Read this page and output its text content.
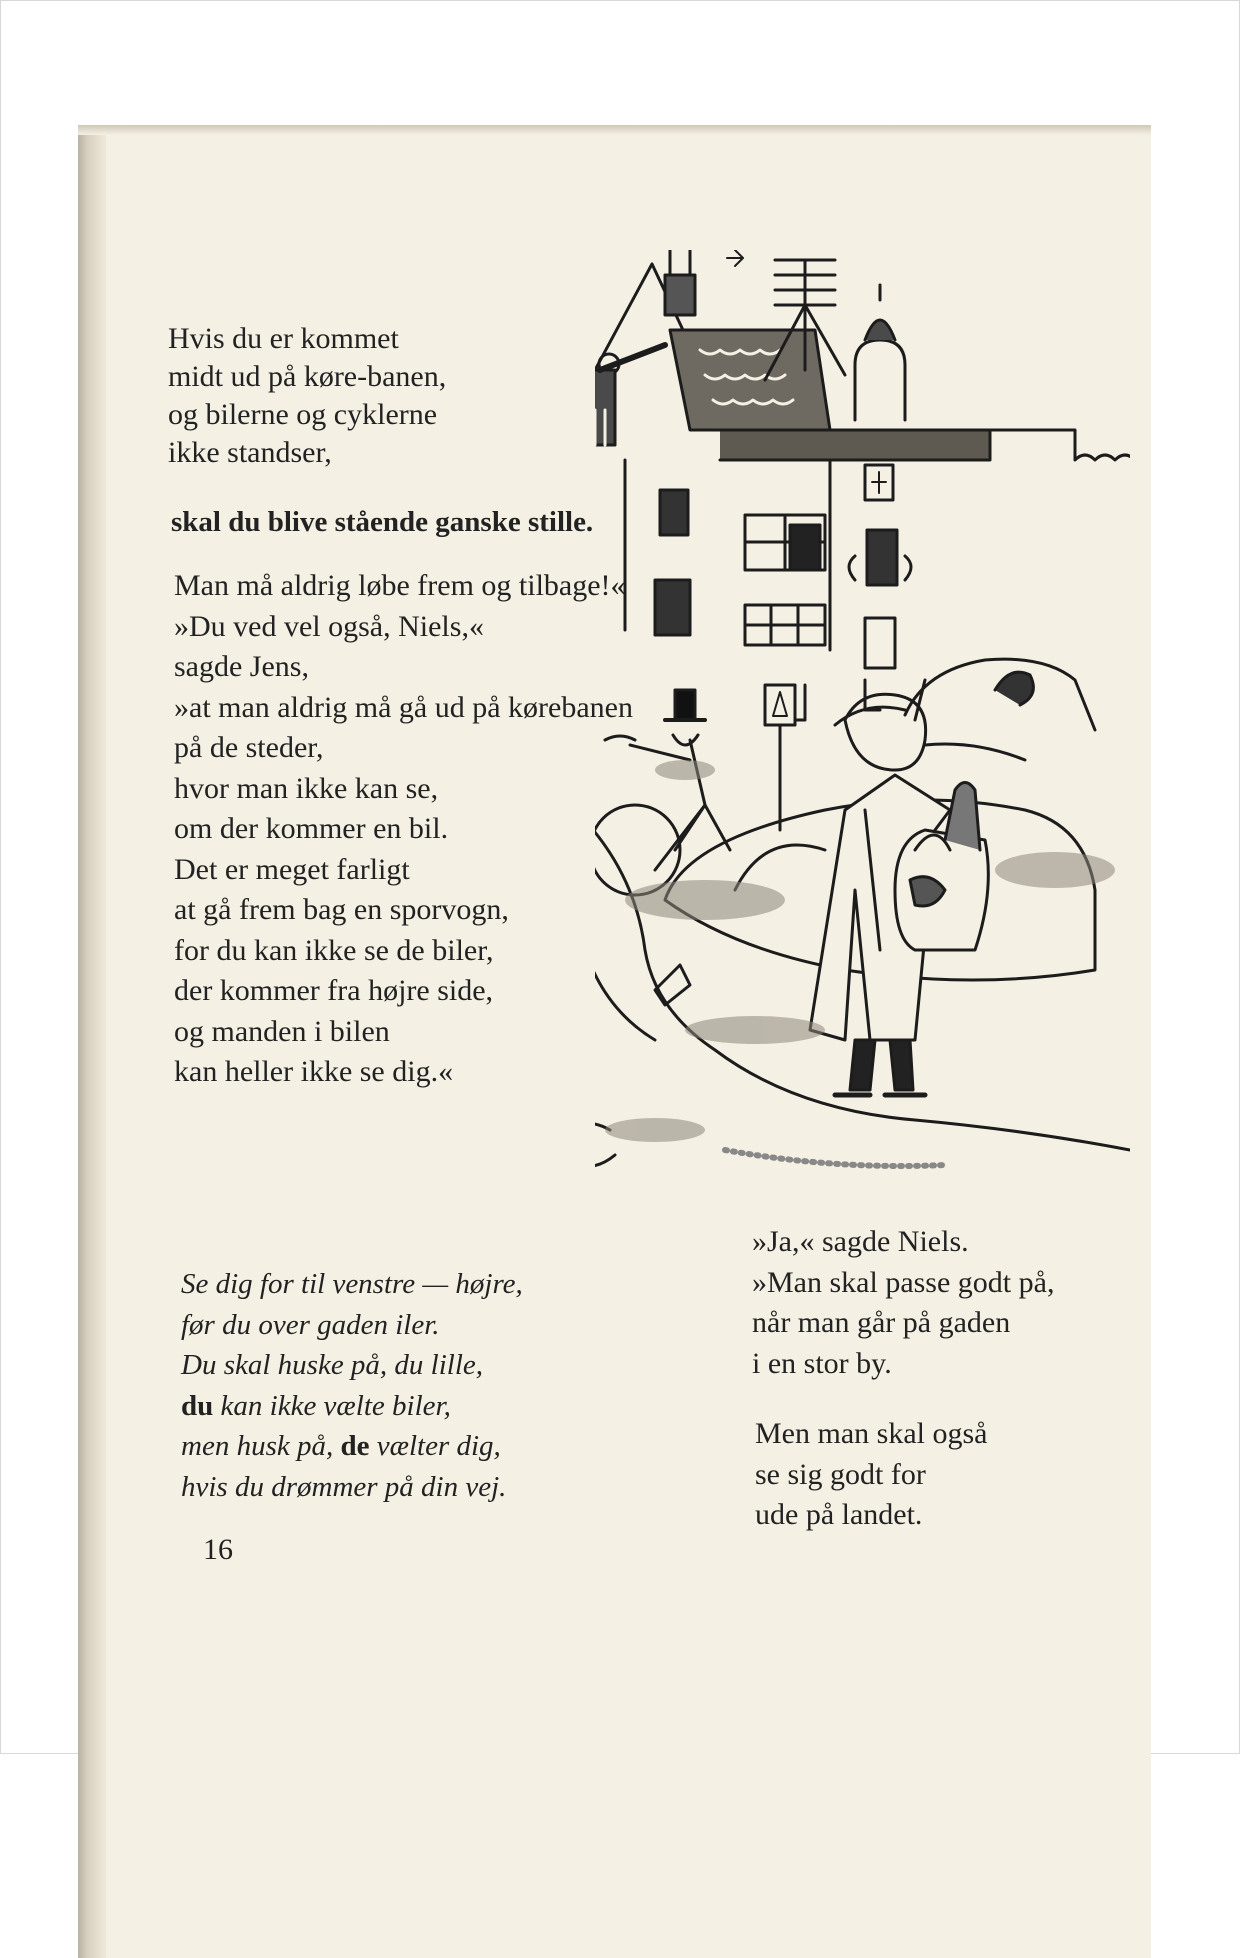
Hvis du er kommet
midt ud på køre-banen,
og bilerne og cyklerne
ikke standser,
skal du blive stående ganske stille.
Man må aldrig løbe frem og tilbage!«
»Du ved vel også, Niels,«
sagde Jens,
»at man aldrig må gå ud på kørebanen
på de steder,
hvor man ikke kan se,
om der kommer en bil.
Det er meget farligt
at gå frem bag en sporvogn,
for du kan ikke se de biler,
der kommer fra højre side,
og manden i bilen
kan heller ikke se dig.«
Se dig for til venstre — højre,
før du over gaden iler.
Du skal huske på, du lille,
du kan ikke vælte biler,
men husk på, de vælter dig,
hvis du drømmer på din vej.
»Ja,« sagde Niels.
»Man skal passe godt på,
når man går på gaden
i en stor by.
Men man skal også
se sig godt for
ude på landet.
16
